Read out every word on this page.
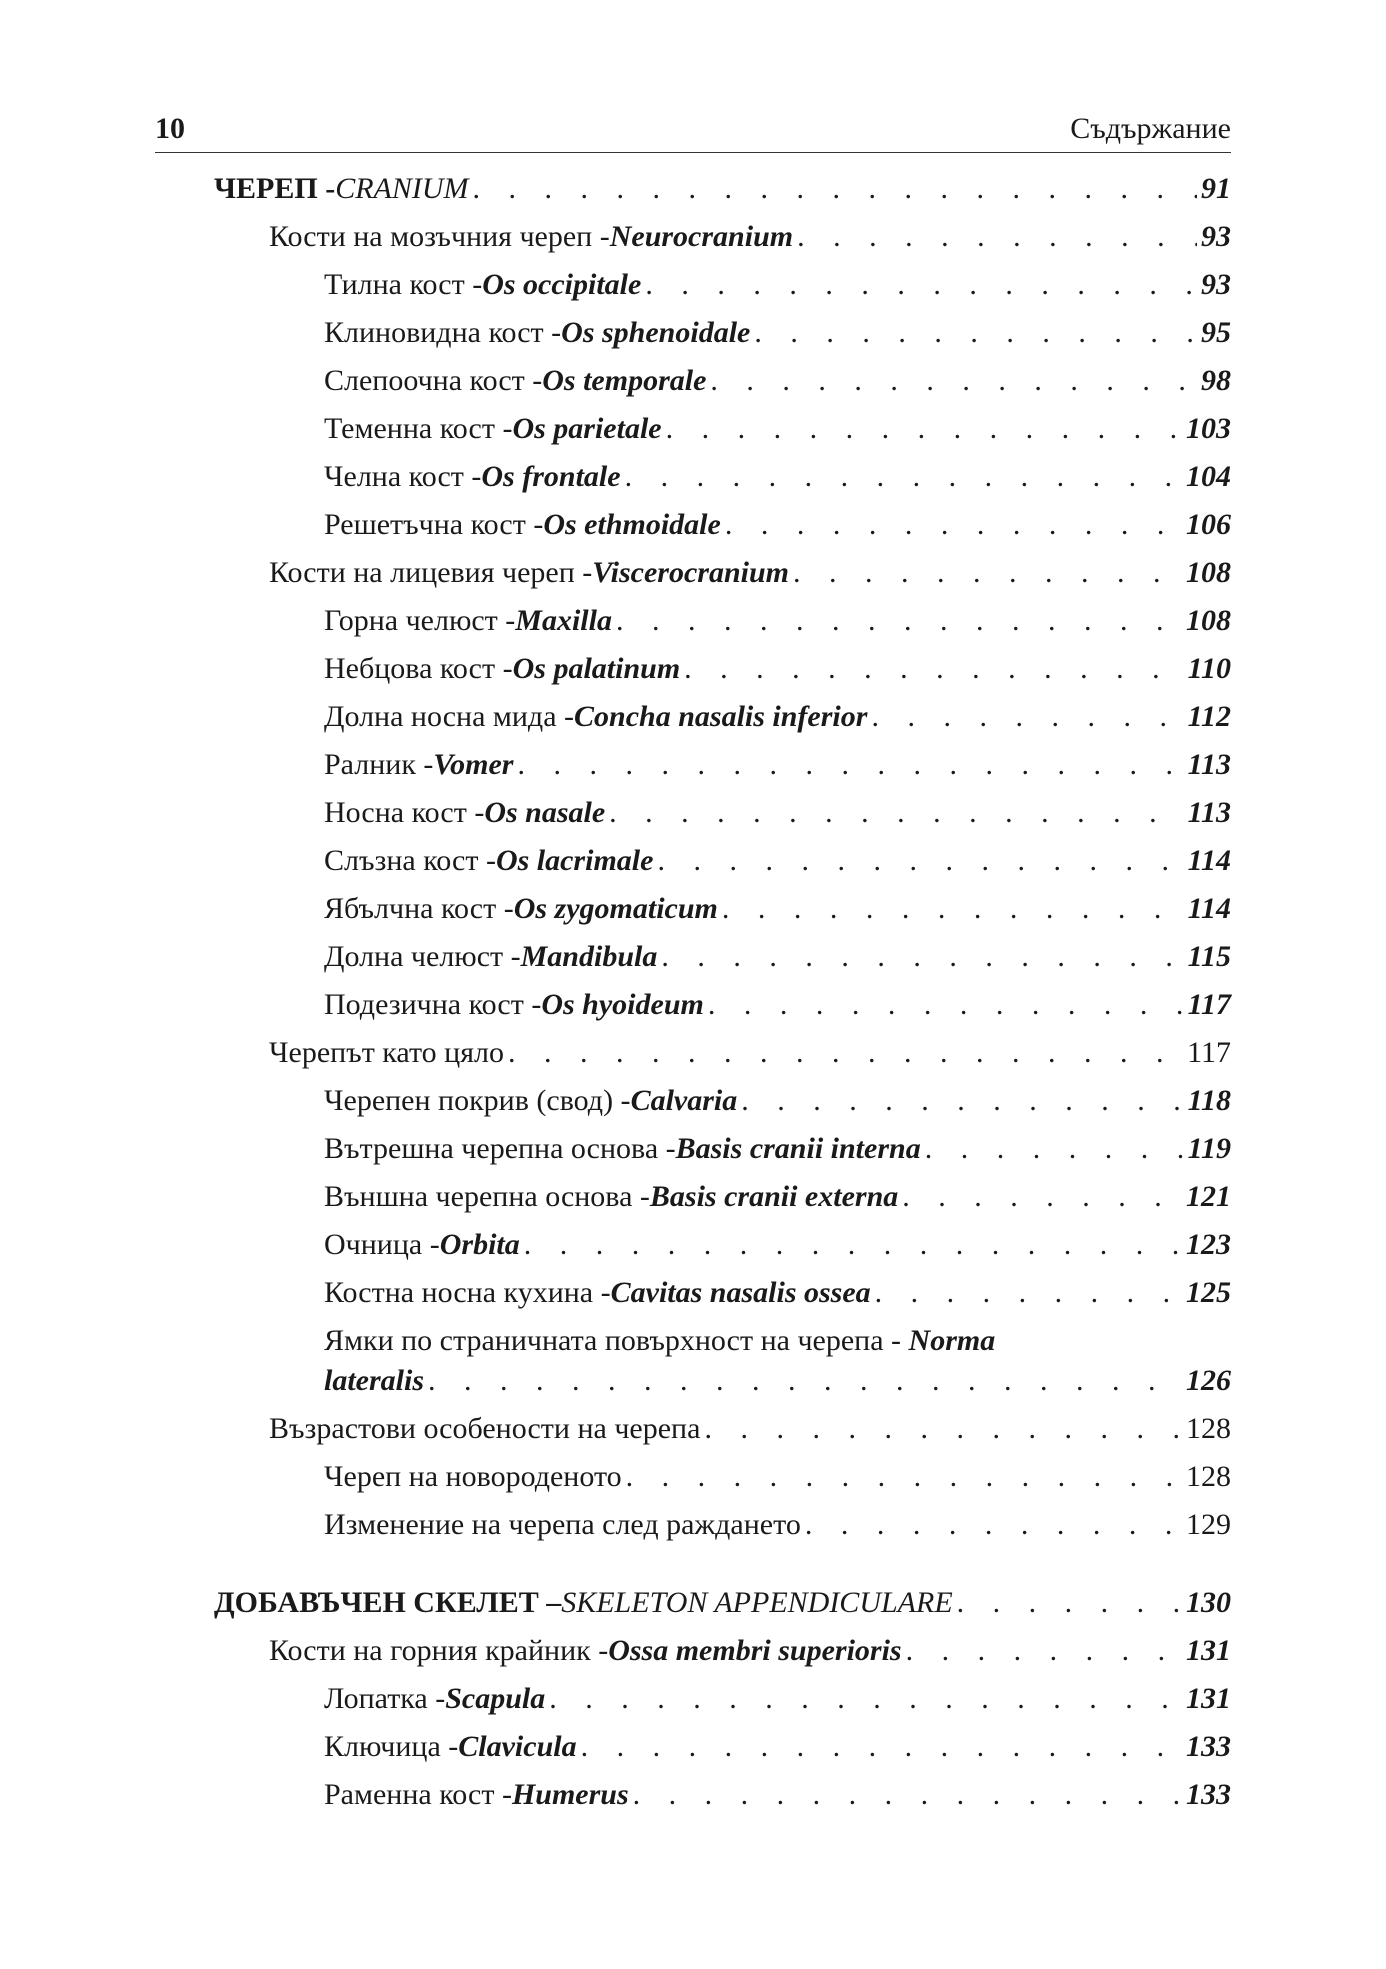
10	Съдържание
ЧЕРЕП - CRANIUM . . .	91
Кости на мозъчния череп - Neurocranium . . .	93
Тилна кост - Os occipitale . . .	93
Клиновидна кост - Os sphenoidale . . .	95
Слепоочна кост - Os temporale . . .	98
Теменна кост - Os parietale . . .	103
Челна кост - Os frontale . . .	104
Решетъчна кост - Os ethmoidale . . .	106
Кости на лицевия череп - Viscerocranium . . .	108
Горна челюст - Maxilla . . .	108
Небцова кост - Os palatinum . . .	110
Долна носна мида - Concha nasalis inferior . . .	112
Ралник - Vomer . . .	113
Носна кост - Os nasale . . .	113
Слъзна кост - Os lacrimale . . .	114
Ябълчна кост - Os zygomaticum . . .	114
Долна челюст - Mandibula . . .	115
Подезична кост - Os hyoideum . . .	117
Черепът като цяло . . .	117
Черепен покрив (свод) - Calvaria . . .	118
Вътрешна черепна основа - Basis cranii interna . . .	119
Външна черепна основа - Basis cranii externa . . .	121
Очница - Orbita . . .	123
Костна носна кухина - Cavitas nasalis ossea . . .	125
Ямки по страничната повърхност на черепа - Norma
lateralis . . .	126
Възрастови особености на черепа . . .	128
Череп на новороденото . . .	128
Изменение на черепа след раждането . . .	129
ДОБАВЪЧЕН СКЕЛЕТ – SKELETON APPENDICULARE . . .	130
Кости на горния крайник - Ossa membri superioris . . .	131
Лопатка - Scapula . . .	131
Ключица - Clavicula . . .	133
Раменна кост - Humerus . . .	133
